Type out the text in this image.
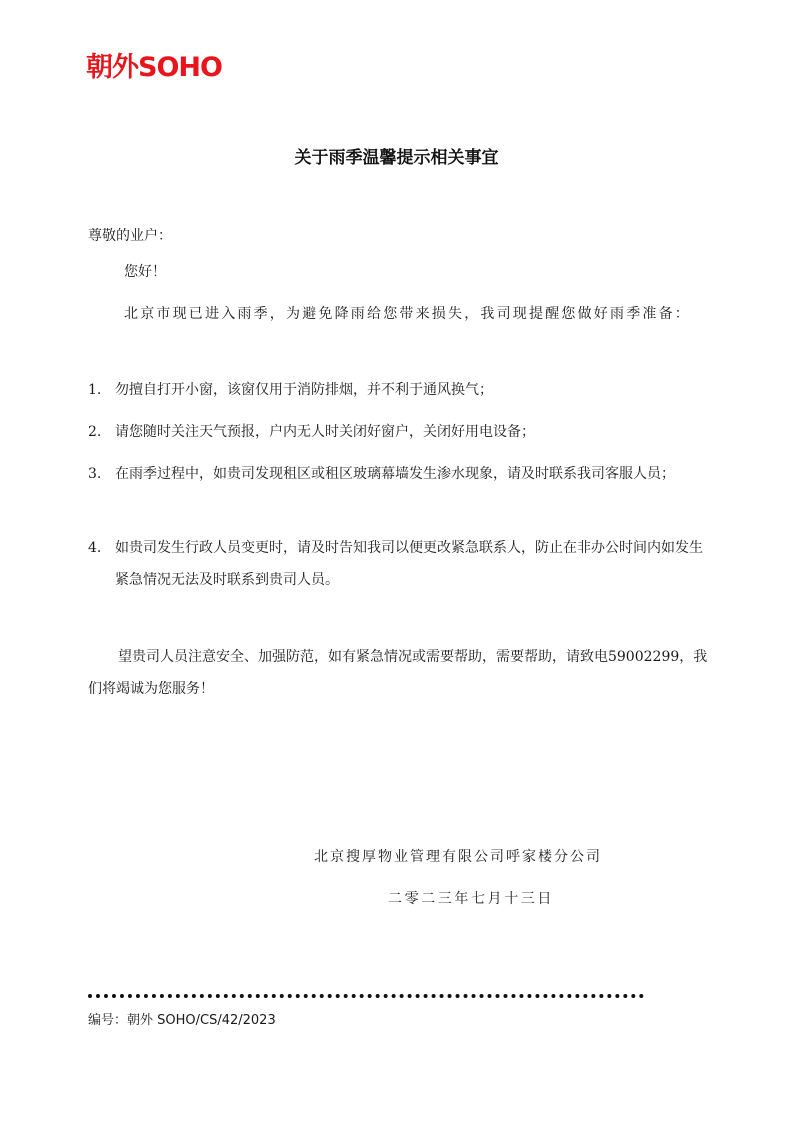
朝外SOHO
关于雨季温馨提示相关事宜
尊敬的业户：
您好！
北京市现已进入雨季，为避免降雨给您带来损失，我司现提醒您做好雨季准备：
1. 勿擅自打开小窗，该窗仅用于消防排烟，并不利于通风换气；
2. 请您随时关注天气预报，户内无人时关闭好窗户，关闭好用电设备；
3. 在雨季过程中，如贵司发现租区或租区玻璃幕墙发生渗水现象，请及时联系我司客服人员；
4. 如贵司发生行政人员变更时，请及时告知我司以便更改紧急联系人，防止在非办公时间内如发生紧急情况无法及时联系到贵司人员。
望贵司人员注意安全、加强防范，如有紧急情况或需要帮助，需要帮助，请致电59002299，我们将竭诚为您服务！
北京搜厚物业管理有限公司呼家楼分公司
二零二三年七月十三日
编号：朝外 SOHO/CS/42/2023
